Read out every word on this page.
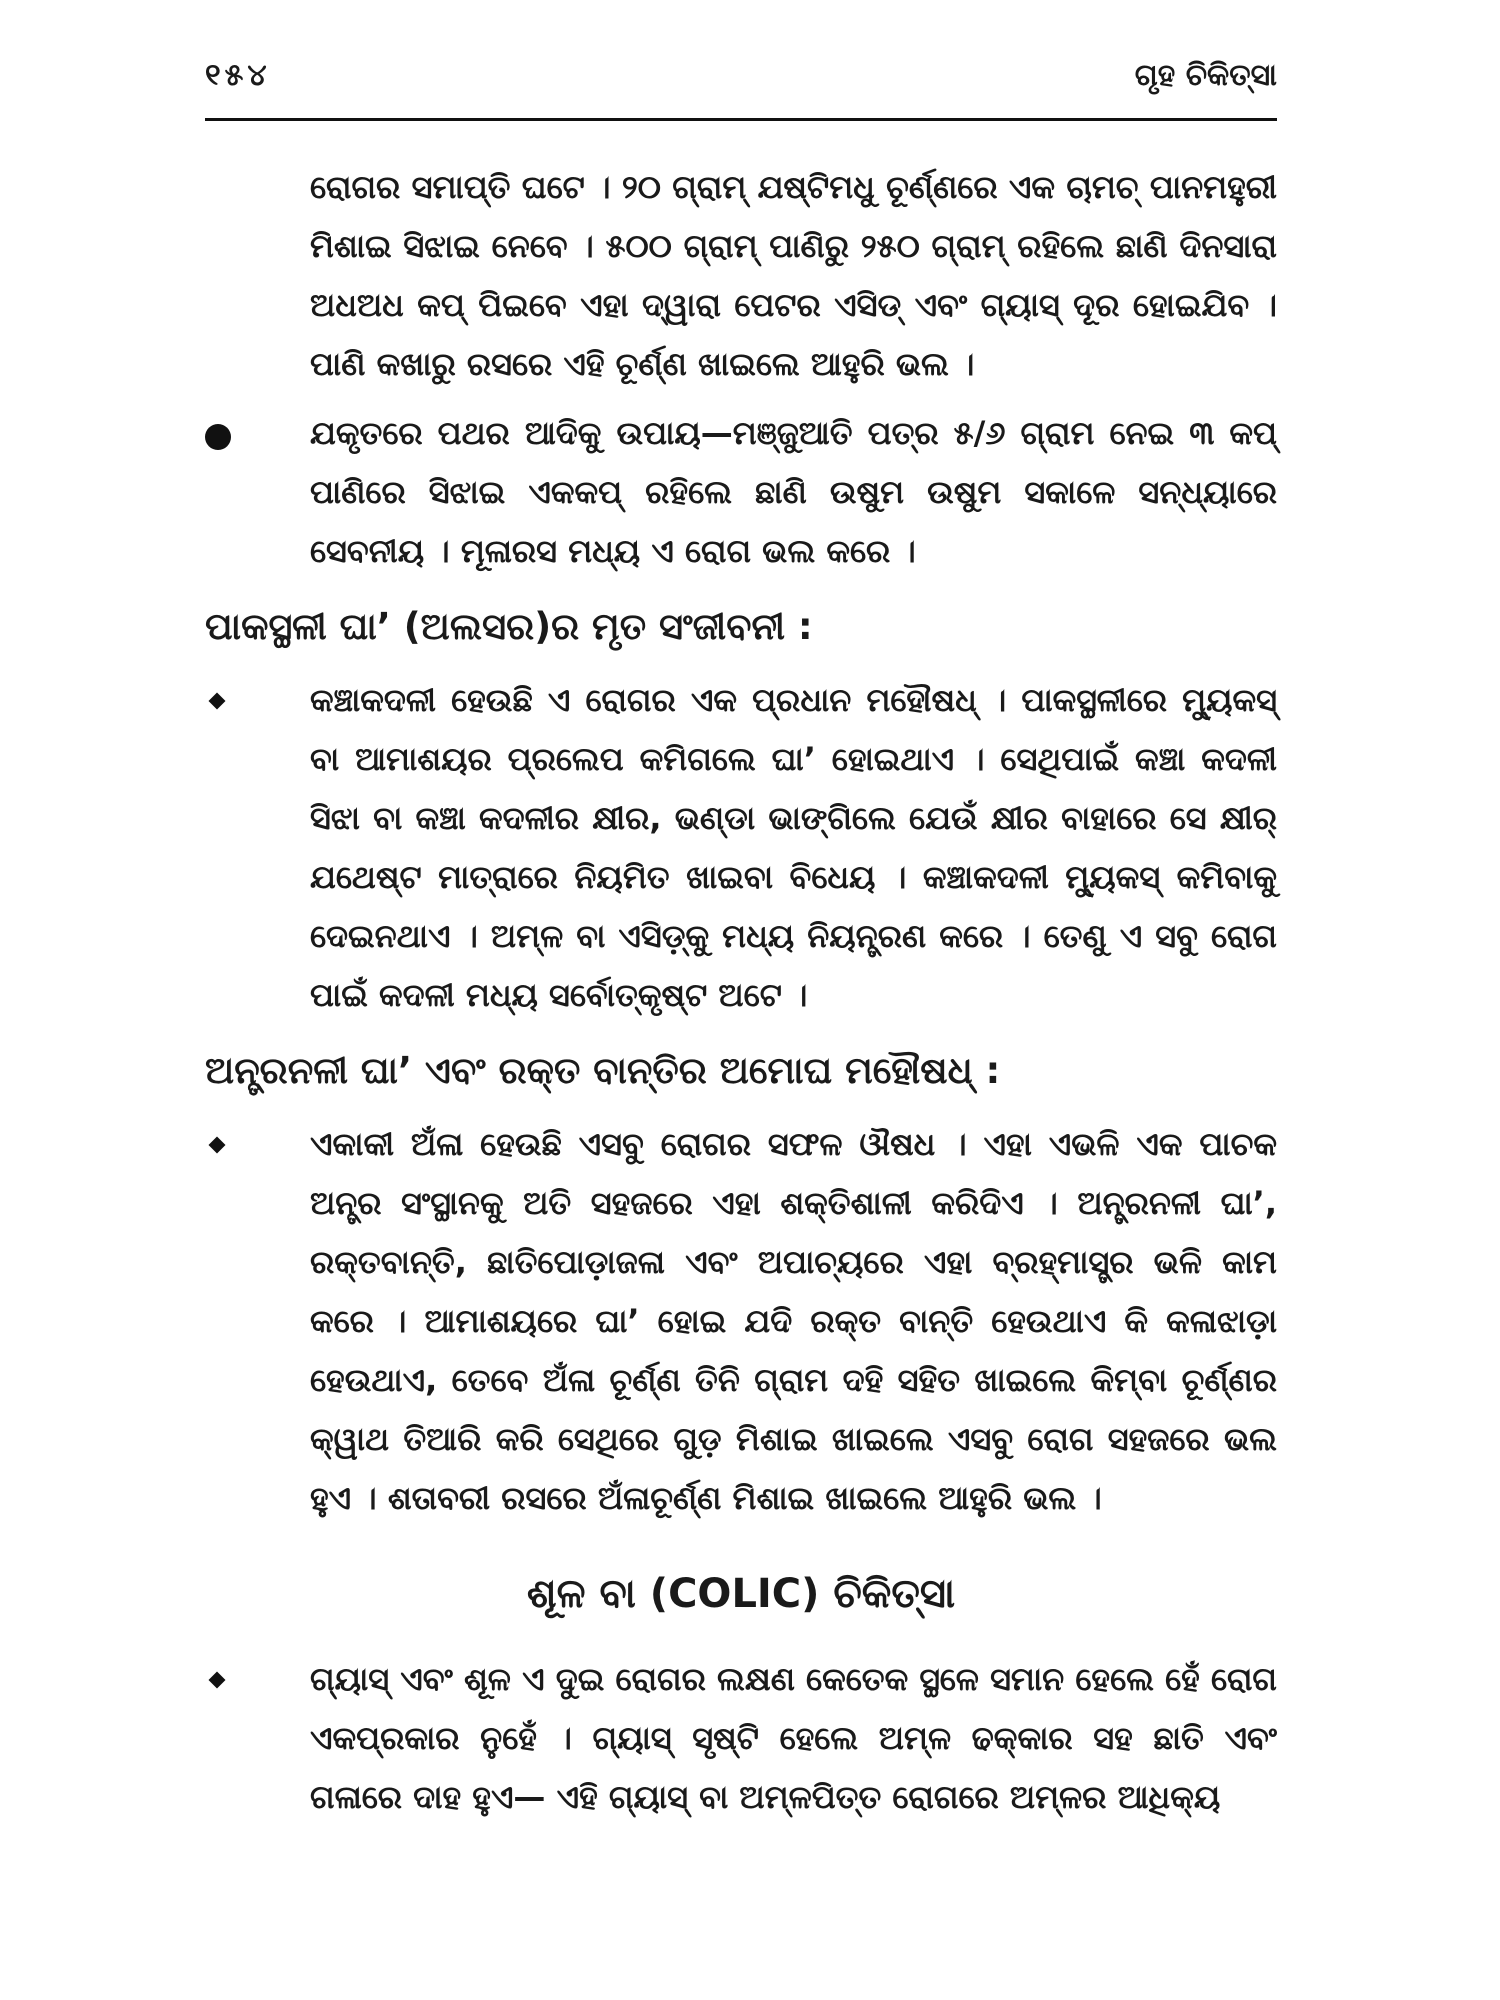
୧୫୪	ଗୃହ ଚିକିତ୍ସା

ରୋଗର ସମାପ୍ତି ଘଟେ । ୨୦ ଗ୍ରାମ୍ ଯଷ୍ଟିମଧୁ ଚୂର୍ଣ୍ଣରେ ଏକ ଚାମଚ୍ ପାନମହୁରୀ ମିଶାଇ ସିଝାଇ ନେବେ । ୫୦୦ ଗ୍ରାମ୍ ପାଣିରୁ ୨୫୦ ଗ୍ରାମ୍ ରହିଲେ ଛାଣି ଦିନସାରା ଅଧଅଧ କପ୍ ପିଇବେ ଏହା ଦ୍ୱାରା ପେଟର ଏସିଡ୍ ଏବଂ ଗ୍ୟାସ୍ ଦୂର ହୋଇଯିବ । ପାଣି କଖାରୁ ରସରେ ଏହି ଚୂର୍ଣ୍ଣ ଖାଇଲେ ଆହୁରି ଭଲ ।

ଯକୃତରେ ପଥର ଆଦିକୁ ଉପାୟ—ମଞ୍ଜୁଆତି ପତ୍ର ୫/୬ ଗ୍ରାମ ନେଇ ୩ କପ୍ ପାଣିରେ ସିଝାଇ ଏକକପ୍ ରହିଲେ ଛାଣି ଉଷୁମ ଉଷୁମ ସକାଳେ ସନ୍ଧ୍ୟାରେ ସେବନୀୟ । ମୂଳାରସ ମଧ୍ୟ ଏ ରୋଗ ଭଲ କରେ ।

ପାକସ୍ଥଳୀ ଘା’ (ଅଲସର)ର ମୃତ ସଂଜୀବନୀ :

କଞ୍ଚାକଦଳୀ ହେଉଛି ଏ ରୋଗର ଏକ ପ୍ରଧାନ ମହୌଷଧ୍ । ପାକସ୍ଥଳୀରେ ମ୍ୟୁକସ୍ ବା ଆମାଶୟର ପ୍ରଲେପ କମିଗଲେ ଘା’ ହୋଇଥାଏ । ସେଥିପାଇଁ କଞ୍ଚା କଦଳୀ ସିଝା ବା କଞ୍ଚା କଦଳୀର କ୍ଷୀର, ଭଣ୍ଡା ଭାଙ୍ଗିଲେ ଯେଉଁ କ୍ଷୀର ବାହାରେ ସେ କ୍ଷୀର୍ ଯଥେଷ୍ଟ ମାତ୍ରାରେ ନିୟମିତ ଖାଇବା ବିଧେୟ । କଞ୍ଚାକଦଳୀ ମ୍ୟୁକସ୍ କମିବାକୁ ଦେଇନଥାଏ । ଅମ୍ଳ ବା ଏସିଡ଼୍କୁ ମଧ୍ୟ ନିୟନ୍ତ୍ରଣ କରେ । ତେଣୁ ଏ ସବୁ ରୋଗ ପାଇଁ କଦଳୀ ମଧ୍ୟ ସର୍ବୋତ୍କୃଷ୍ଟ ଅଟେ ।

ଅନ୍ତ୍ରନଳୀ ଘା’ ଏବଂ ରକ୍ତ ବାନ୍ତିର ଅମୋଘ ମହୌଷଧ୍ :

ଏକାକୀ ଅଁଳା ହେଉଛି ଏସବୁ ରୋଗର ସଫଳ ଔଷଧ । ଏହା ଏଭଳି ଏକ ପାଚକ ଅନ୍ତ୍ର ସଂସ୍ଥାନକୁ ଅତି ସହଜରେ ଏହା ଶକ୍ତିଶାଳୀ କରିଦିଏ । ଅନ୍ତ୍ରନଳୀ ଘା’, ରକ୍ତବାନ୍ତି, ଛାତିପୋଡ଼ାଜଳା ଏବଂ ଅପାଚ୍ୟରେ ଏହା ବ୍ରହ୍ମାସ୍ତ୍ର ଭଳି କାମ କରେ । ଆମାଶୟରେ ଘା’ ହୋଇ ଯଦି ରକ୍ତ ବାନ୍ତି ହେଉଥାଏ କି କଳାଝାଡ଼ା ହେଉଥାଏ, ତେବେ ଅଁଳା ଚୂର୍ଣ୍ଣ ତିନି ଗ୍ରାମ ଦହି ସହିତ ଖାଇଲେ କିମ୍ବା ଚୂର୍ଣ୍ଣର କ୍ୱାଥ ତିଆରି କରି ସେଥିରେ ଗୁଡ଼ ମିଶାଇ ଖାଇଲେ ଏସବୁ ରୋଗ ସହଜରେ ଭଲ ହୁଏ । ଶତାବରୀ ରସରେ ଅଁଳାଚୂର୍ଣ୍ଣ ମିଶାଇ ଖାଇଲେ ଆହୁରି ଭଲ ।

ଶୂଳ ବା (COLIC) ଚିକିତ୍ସା

ଗ୍ୟାସ୍ ଏବଂ ଶୂଳ ଏ ଦୁଇ ରୋଗର ଲକ୍ଷଣ କେତେକ ସ୍ଥଳେ ସମାନ ହେଲେ ହେଁ ରୋଗ ଏକପ୍ରକାର ନୁହେଁ । ଗ୍ୟାସ୍ ସୃଷ୍ଟି ହେଲେ ଅମ୍ଳ ଢକ୍କାର ସହ ଛାତି ଏବଂ ଗଳାରେ ଦାହ ହୁଏ— ଏହି ଗ୍ୟାସ୍ ବା ଅମ୍ଳପିତ୍ତ ରୋଗରେ ଅମ୍ଳର ଆଧିକ୍ୟ
